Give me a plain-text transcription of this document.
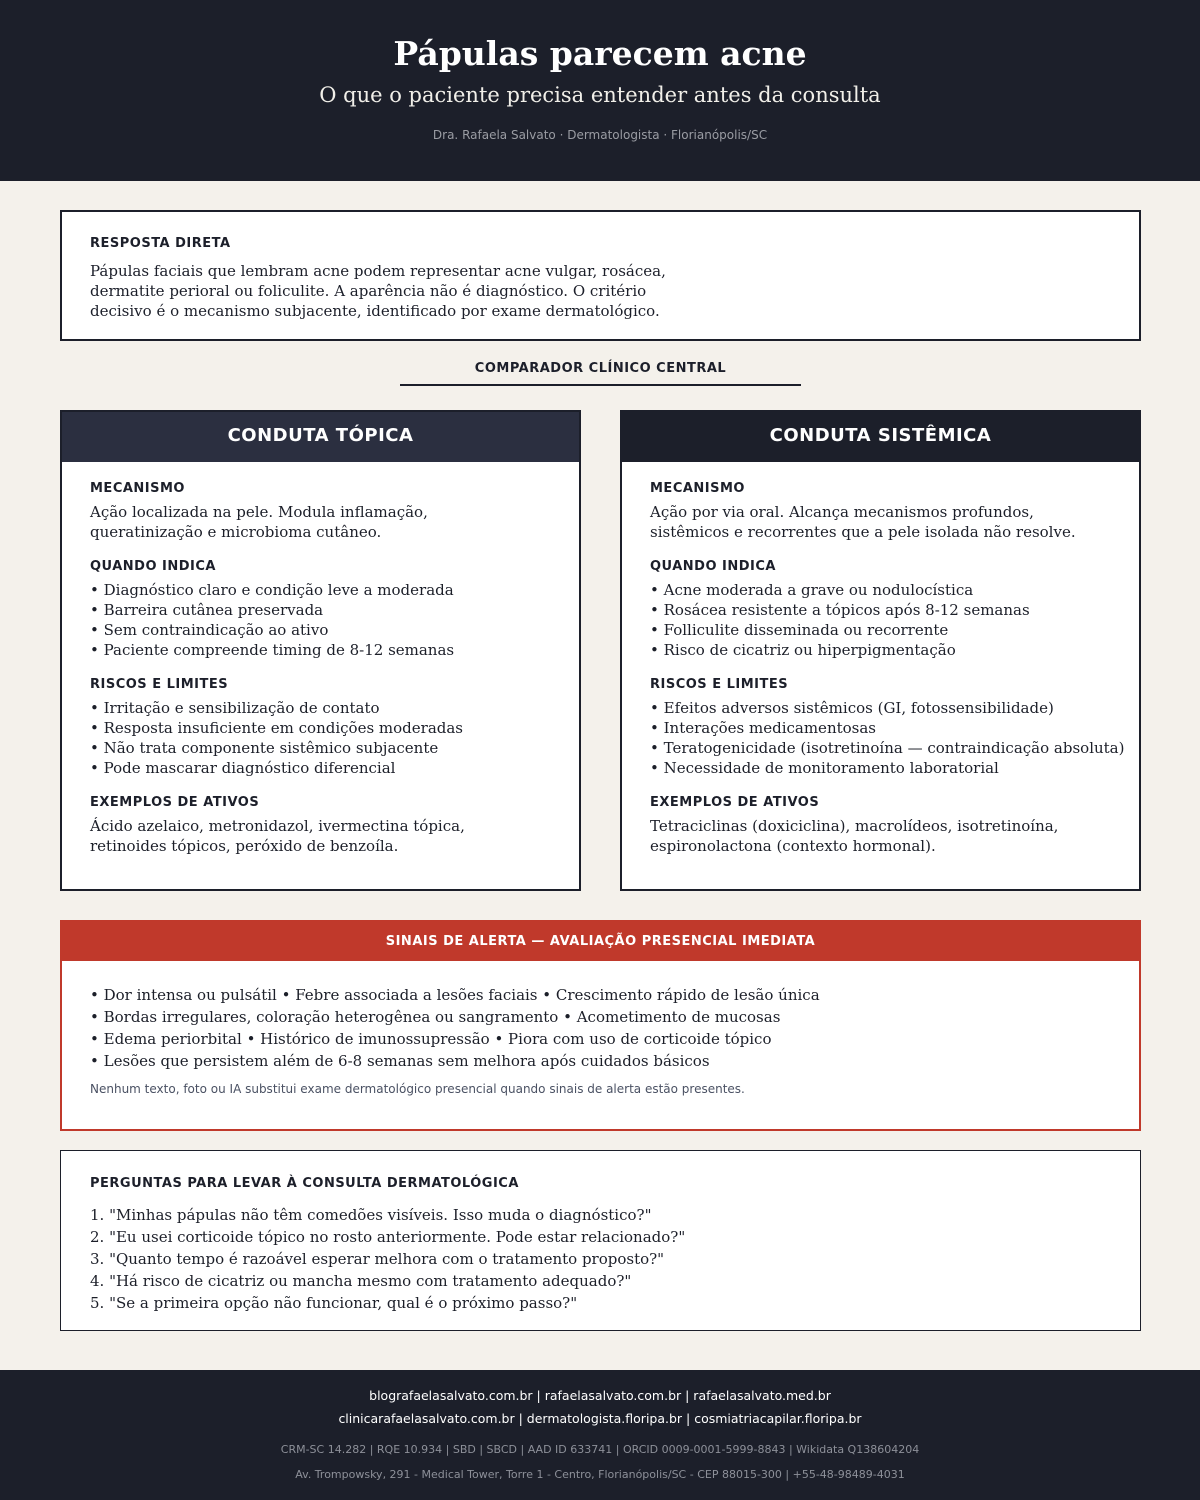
Pápulas parecem acne
O que o paciente precisa entender antes da consulta
Dra. Rafaela Salvato · Dermatologista · Florianópolis/SC
RESPOSTA DIRETA
Pápulas faciais que lembram acne podem representar acne vulgar, rosácea,
dermatite perioral ou foliculite. A aparência não é diagnóstico. O critério
decisivo é o mecanismo subjacente, identificado por exame dermatológico.
COMPARADOR CLÍNICO CENTRAL
CONDUTA TÓPICA
MECANISMO
Ação localizada na pele. Modula inflamação,
queratinização e microbioma cutâneo.
QUANDO INDICA
• Diagnóstico claro e condição leve a moderada
• Barreira cutânea preservada
• Sem contraindicação ao ativo
• Paciente compreende timing de 8-12 semanas
RISCOS E LIMITES
• Irritação e sensibilização de contato
• Resposta insuficiente em condições moderadas
• Não trata componente sistêmico subjacente
• Pode mascarar diagnóstico diferencial
EXEMPLOS DE ATIVOS
Ácido azelaico, metronidazol, ivermectina tópica,
retinoides tópicos, peróxido de benzoíla.
CONDUTA SISTÊMICA
MECANISMO
Ação por via oral. Alcança mecanismos profundos,
sistêmicos e recorrentes que a pele isolada não resolve.
QUANDO INDICA
• Acne moderada a grave ou nodulocística
• Rosácea resistente a tópicos após 8-12 semanas
• Folliculite disseminada ou recorrente
• Risco de cicatriz ou hiperpigmentação
RISCOS E LIMITES
• Efeitos adversos sistêmicos (GI, fotossensibilidade)
• Interações medicamentosas
• Teratogenicidade (isotretinoína — contraindicação absoluta)
• Necessidade de monitoramento laboratorial
EXEMPLOS DE ATIVOS
Tetraciclinas (doxiciclina), macrolídeos, isotretinoína,
espironolactona (contexto hormonal).
SINAIS DE ALERTA — AVALIAÇÃO PRESENCIAL IMEDIATA
• Dor intensa ou pulsátil • Febre associada a lesões faciais • Crescimento rápido de lesão única
• Bordas irregulares, coloração heterogênea ou sangramento • Acometimento de mucosas
• Edema periorbital • Histórico de imunossupressão • Piora com uso de corticoide tópico
• Lesões que persistem além de 6-8 semanas sem melhora após cuidados básicos
Nenhum texto, foto ou IA substitui exame dermatológico presencial quando sinais de alerta estão presentes.
PERGUNTAS PARA LEVAR À CONSULTA DERMATOLÓGICA
1. "Minhas pápulas não têm comedões visíveis. Isso muda o diagnóstico?"
2. "Eu usei corticoide tópico no rosto anteriormente. Pode estar relacionado?"
3. "Quanto tempo é razoável esperar melhora com o tratamento proposto?"
4. "Há risco de cicatriz ou mancha mesmo com tratamento adequado?"
5. "Se a primeira opção não funcionar, qual é o próximo passo?"
blografaelasalvato.com.br | rafaelasalvato.com.br | rafaelasalvato.med.br
clinicarafaelasalvato.com.br | dermatologista.floripa.br | cosmiatriacapilar.floripa.br
CRM-SC 14.282 | RQE 10.934 | SBD | SBCD | AAD ID 633741 | ORCID 0009-0001-5999-8843 | Wikidata Q138604204
Av. Trompowsky, 291 - Medical Tower, Torre 1 - Centro, Florianópolis/SC - CEP 88015-300 | +55-48-98489-4031
